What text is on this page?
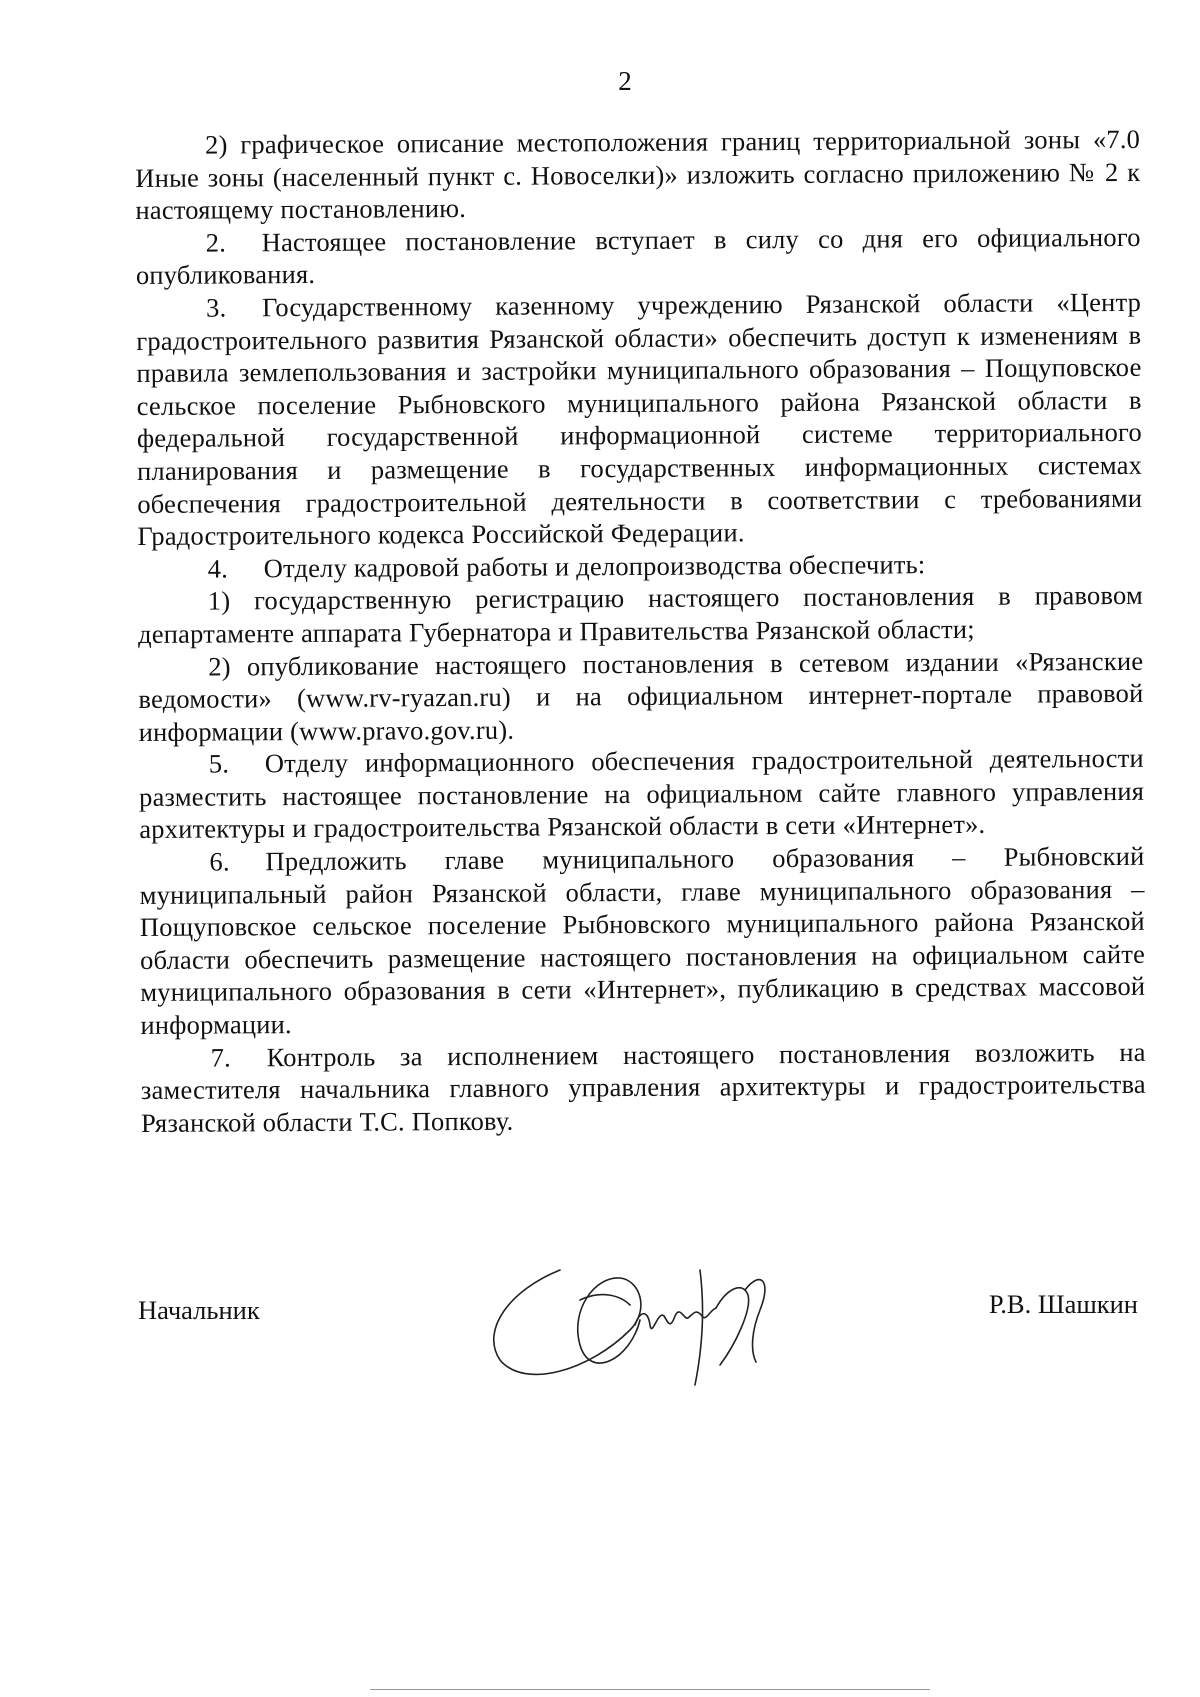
2

2) графическое описание местоположения границ территориальной зоны «7.0 Иные зоны (населенный пункт с. Новоселки)» изложить согласно приложению № 2 к настоящему постановлению.

2. Настоящее постановление вступает в силу со дня его официального опубликования.

3. Государственному казенному учреждению Рязанской области «Центр градостроительного развития Рязанской области» обеспечить доступ к изменениям в правила землепользования и застройки муниципального образования – Пощуповское сельское поселение Рыбновского муниципального района Рязанской области в федеральной государственной информационной системе территориального планирования и размещение в государственных информационных системах обеспечения градостроительной деятельности в соответствии с требованиями Градостроительного кодекса Российской Федерации.

4. Отделу кадровой работы и делопроизводства обеспечить:

1) государственную регистрацию настоящего постановления в правовом департаменте аппарата Губернатора и Правительства Рязанской области;

2) опубликование настоящего постановления в сетевом издании «Рязанские ведомости» (www.rv-ryazan.ru) и на официальном интернет-портале правовой информации (www.pravo.gov.ru).

5. Отделу информационного обеспечения градостроительной деятельности разместить настоящее постановление на официальном сайте главного управления архитектуры и градостроительства Рязанской области в сети «Интернет».

6. Предложить главе муниципального образования – Рыбновский муниципальный район Рязанской области, главе муниципального образования – Пощуповское сельское поселение Рыбновского муниципального района Рязанской области обеспечить размещение настоящего постановления на официальном сайте муниципального образования в сети «Интернет», публикацию в средствах массовой информации.

7. Контроль за исполнением настоящего постановления возложить на заместителя начальника главного управления архитектуры и градостроительства Рязанской области Т.С. Попкову.

Начальник	Р.В. Шашкин
